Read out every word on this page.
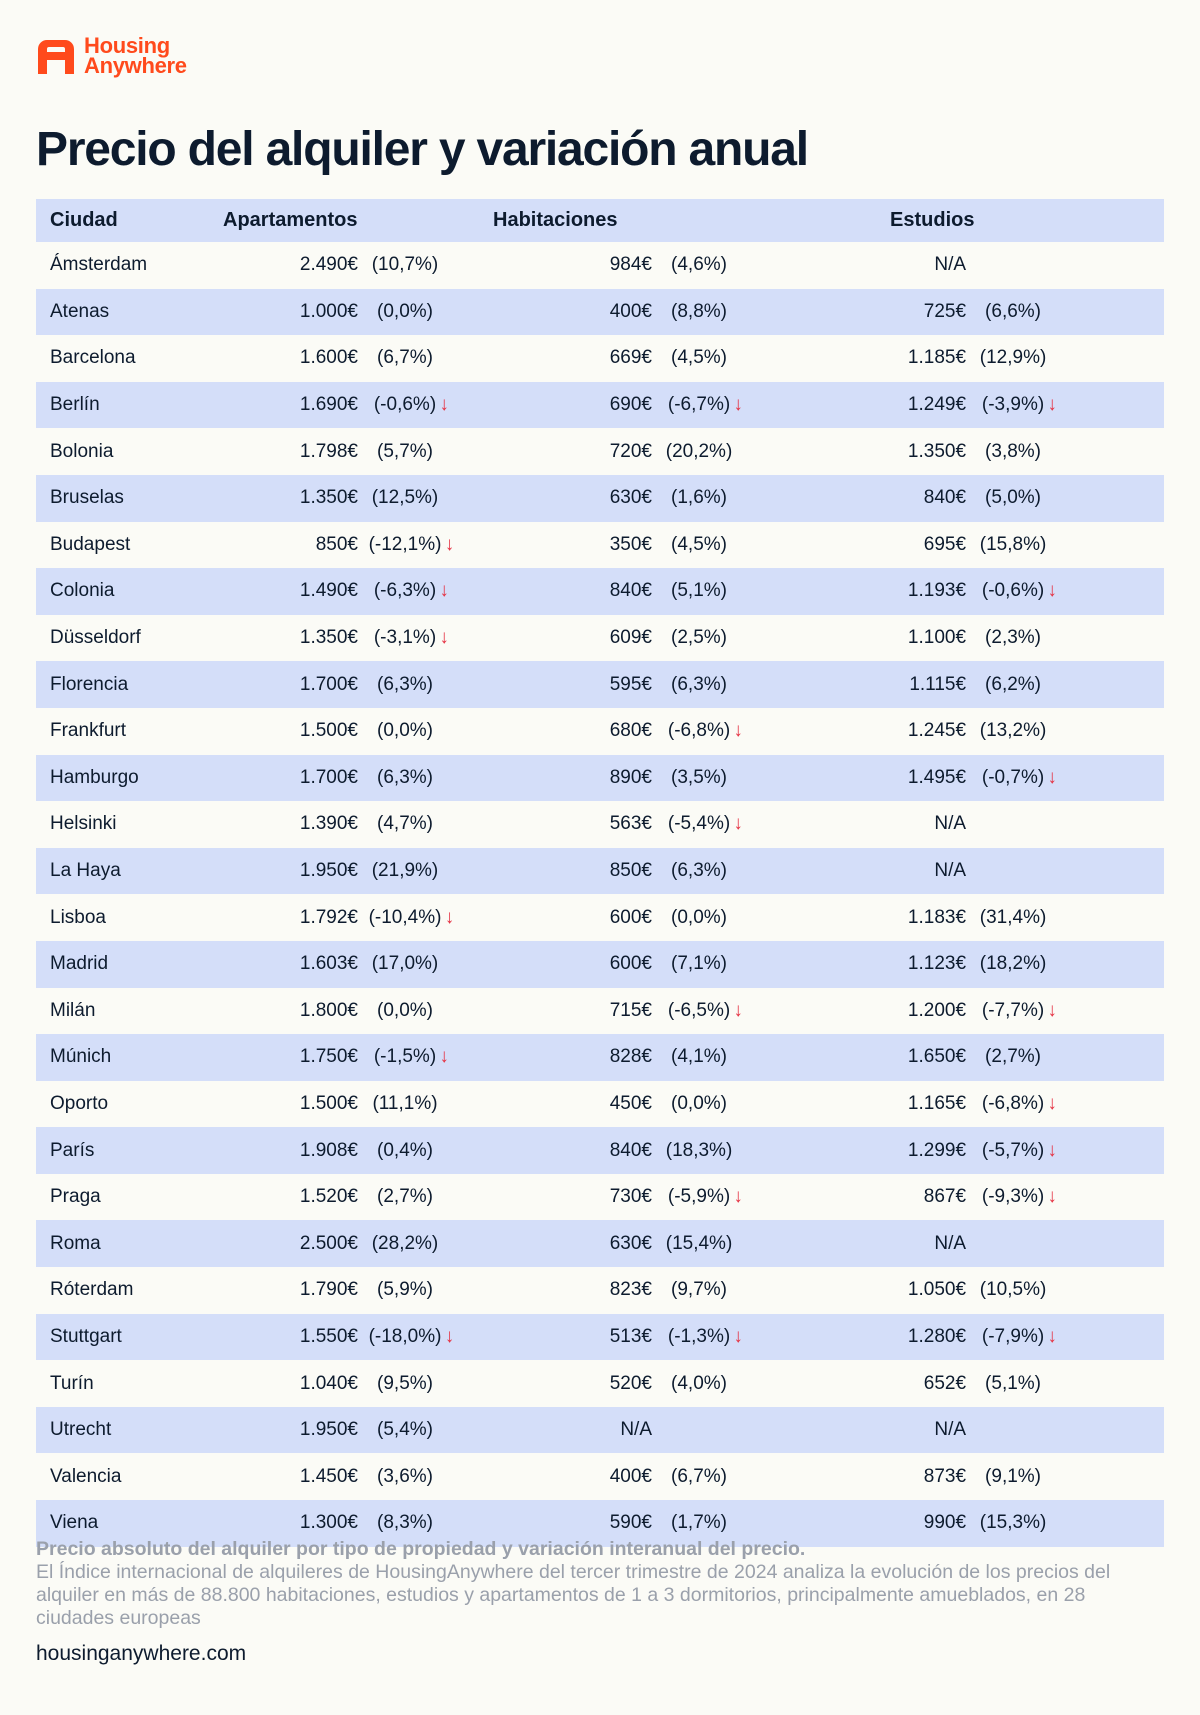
Housing
Anywhere
Precio del alquiler y variación anual
Ciudad	Apartamentos		Habitaciones		Estudios		
Ámsterdam	2.490€	(10,7%)	984€	(4,6%)	N/A		
Atenas	1.000€	(0,0%)	400€	(8,8%)	725€	(6,6%)	
Barcelona	1.600€	(6,7%)	669€	(4,5%)	1.185€	(12,9%)	
Berlín	1.690€	(-0,6%) ↓	690€	(-6,7%) ↓	1.249€	(-3,9%) ↓	
Bolonia	1.798€	(5,7%)	720€	(20,2%)	1.350€	(3,8%)	
Bruselas	1.350€	(12,5%)	630€	(1,6%)	840€	(5,0%)	
Budapest	850€	(-12,1%) ↓	350€	(4,5%)	695€	(15,8%)	
Colonia	1.490€	(-6,3%) ↓	840€	(5,1%)	1.193€	(-0,6%) ↓	
Düsseldorf	1.350€	(-3,1%) ↓	609€	(2,5%)	1.100€	(2,3%)	
Florencia	1.700€	(6,3%)	595€	(6,3%)	1.115€	(6,2%)	
Frankfurt	1.500€	(0,0%)	680€	(-6,8%) ↓	1.245€	(13,2%)	
Hamburgo	1.700€	(6,3%)	890€	(3,5%)	1.495€	(-0,7%) ↓	
Helsinki	1.390€	(4,7%)	563€	(-5,4%) ↓	N/A		
La Haya	1.950€	(21,9%)	850€	(6,3%)	N/A		
Lisboa	1.792€	(-10,4%) ↓	600€	(0,0%)	1.183€	(31,4%)	
Madrid	1.603€	(17,0%)	600€	(7,1%)	1.123€	(18,2%)	
Milán	1.800€	(0,0%)	715€	(-6,5%) ↓	1.200€	(-7,7%) ↓	
Múnich	1.750€	(-1,5%) ↓	828€	(4,1%)	1.650€	(2,7%)	
Oporto	1.500€	(11,1%)	450€	(0,0%)	1.165€	(-6,8%) ↓	
París	1.908€	(0,4%)	840€	(18,3%)	1.299€	(-5,7%) ↓	
Praga	1.520€	(2,7%)	730€	(-5,9%) ↓	867€	(-9,3%) ↓	
Roma	2.500€	(28,2%)	630€	(15,4%)	N/A		
Róterdam	1.790€	(5,9%)	823€	(9,7%)	1.050€	(10,5%)	
Stuttgart	1.550€	(-18,0%) ↓	513€	(-1,3%) ↓	1.280€	(-7,9%) ↓	
Turín	1.040€	(9,5%)	520€	(4,0%)	652€	(5,1%)	
Utrecht	1.950€	(5,4%)	N/A		N/A		
Valencia	1.450€	(3,6%)	400€	(6,7%)	873€	(9,1%)	
Viena	1.300€	(8,3%)	590€	(1,7%)	990€	(15,3%)	
Precio absoluto del alquiler por tipo de propiedad y variación interanual del precio.
El Índice internacional de alquileres de HousingAnywhere del tercer trimestre de 2024 analiza la evolución de los precios del alquiler en más de 88.800 habitaciones, estudios y apartamentos de 1 a 3 dormitorios, principalmente amueblados, en 28 ciudades europeas
housinganywhere.com
